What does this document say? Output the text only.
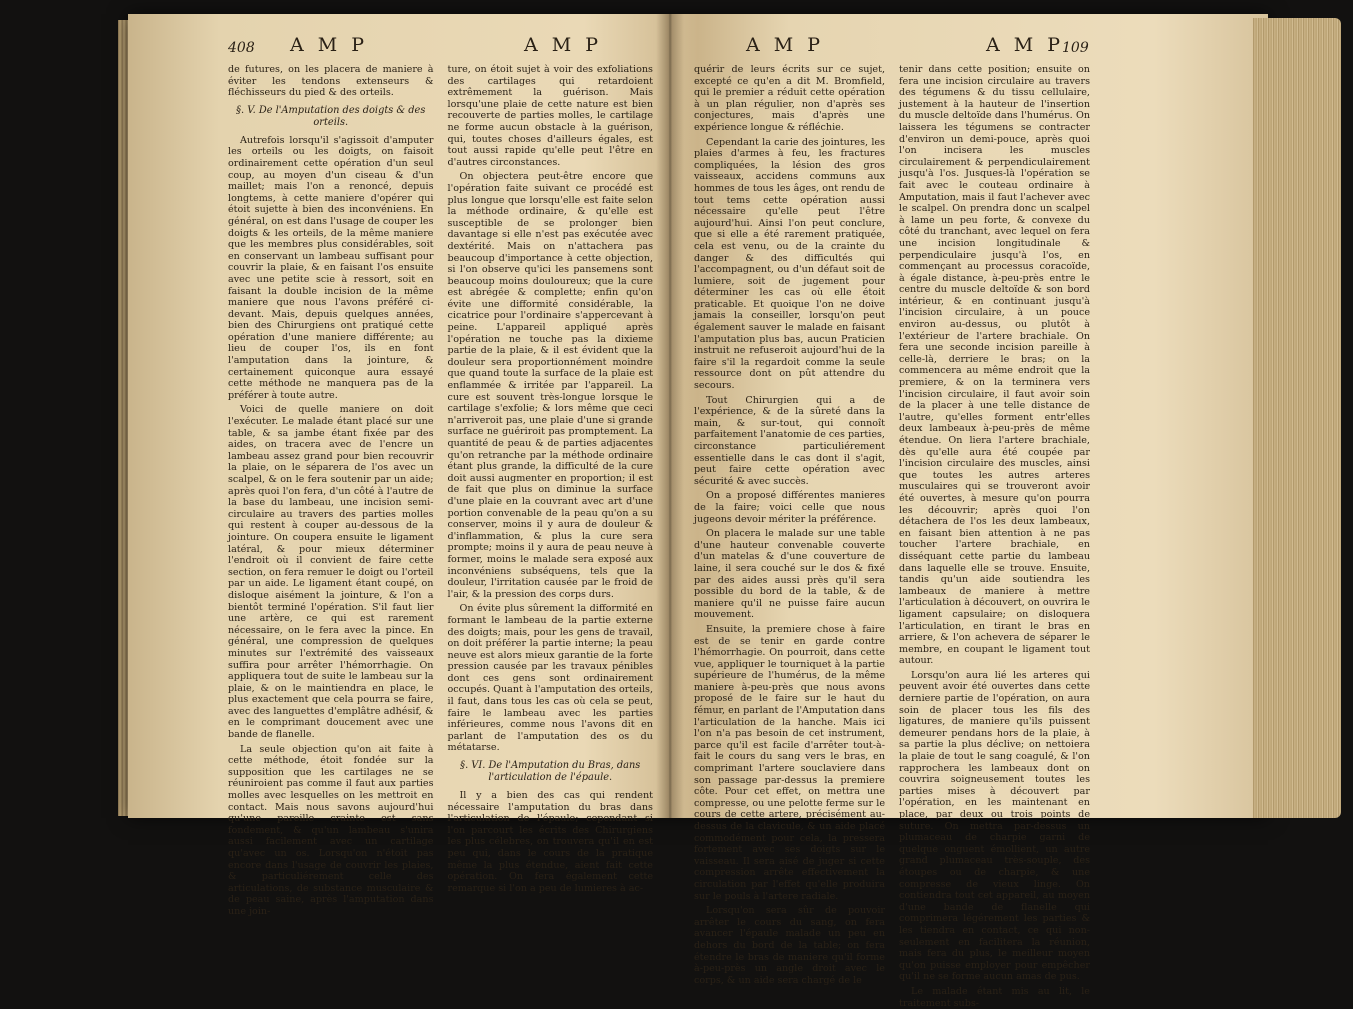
408 A M P	A M P

de futures, on les placera de maniere à éviter les tendons extenseurs & fléchisseurs du pied & des orteils.

§. V. De l'Amputation des doigts & des orteils.

Autrefois lorsqu'il s'agissoit d'amputer les orteils ou les doigts, on faisoit ordinairement cette opération d'un seul coup, au moyen d'un ciseau & d'un maillet; mais l'on a renoncé, depuis longtems, à cette maniere d'opérer qui étoit sujette à bien des inconvéniens. En général, on est dans l'usage de couper les doigts & les orteils, de la même maniere que les membres plus considérables, soit en conservant un lambeau suffisant pour couvrir la plaie, & en faisant l'os ensuite avec une petite scie à ressort, soit en faisant la double incision de la même maniere que nous l'avons préféré ci-devant. Mais, depuis quelques années, bien des Chirurgiens ont pratiqué cette opération d'une maniere différente; au lieu de couper l'os, ils en font l'amputation dans la jointure, & certainement quiconque aura essayé cette méthode ne manquera pas de la préférer à toute autre.

Voici de quelle maniere on doit l'exécuter. Le malade étant placé sur une table, & sa jambe étant fixée par des aides, on tracera avec de l'encre un lambeau assez grand pour bien recouvrir la plaie, on le séparera de l'os avec un scalpel, & on le fera soutenir par un aide; après quoi l'on fera, d'un côté à l'autre de la base du lambeau, une incision semi-circulaire au travers des parties molles qui restent à couper au-dessous de la jointure. On coupera ensuite le ligament latéral, & pour mieux déterminer l'endroit où il convient de faire cette section, on fera remuer le doigt ou l'orteil par un aide. Le ligament étant coupé, on disloque aisément la jointure, & l'on a bientôt terminé l'opération. S'il faut lier une artère, ce qui est rarement nécessaire, on le fera avec la pince. En général, une compression de quelques minutes sur l'extrémité des vaisseaux suffira pour arrêter l'hémorrhagie. On appliquera tout de suite le lambeau sur la plaie, & on le maintiendra en place, le plus exactement que cela pourra se faire, avec des languettes d'emplâtre adhésif, & en le comprimant doucement avec une bande de flanelle.

La seule objection qu'on ait faite à cette méthode, étoit fondée sur la supposition que les cartilages ne se réuniroient pas comme il faut aux parties molles avec lesquelles on les mettroit en contact. Mais nous savons aujourd'hui qu'une pareille crainte est sans fondement, & qu'un lambeau s'unira aussi facilement avec un cartilage qu'avec un os. Lorsqu'on n'étoit pas encore dans l'usage de couvrir les plaies, & particuliérement celle des articulations, de substance musculaire & de peau saine, après l'amputation dans une join-

ture, on étoit sujet à voir des exfoliations des cartilages qui retardoient extrêmement la guérison. Mais lorsqu'une plaie de cette nature est bien recouverte de parties molles, le cartilage ne forme aucun obstacle à la guérison, qui, toutes choses d'ailleurs égales, est tout aussi rapide qu'elle peut l'être en d'autres circonstances.

On objectera peut-être encore que l'opération faite suivant ce procédé est plus longue que lorsqu'elle est faite selon la méthode ordinaire, & qu'elle est susceptible de se prolonger bien davantage si elle n'est pas exécutée avec dextérité. Mais on n'attachera pas beaucoup d'importance à cette objection, si l'on observe qu'ici les pansemens sont beaucoup moins douloureux; que la cure est abrégée & complette; enfin qu'on évite une difformité considérable, la cicatrice pour l'ordinaire s'appercevant à peine. L'appareil appliqué après l'opération ne touche pas la dixieme partie de la plaie, & il est évident que la douleur sera proportionnément moindre que quand toute la surface de la plaie est enflammée & irritée par l'appareil. La cure est souvent très-longue lorsque le cartilage s'exfolie; & lors même que ceci n'arriveroit pas, une plaie d'une si grande surface ne guériroit pas promptement. La quantité de peau & de parties adjacentes qu'on retranche par la méthode ordinaire étant plus grande, la difficulté de la cure doit aussi augmenter en proportion; il est de fait que plus on diminue la surface d'une plaie en la couvrant avec art d'une portion convenable de la peau qu'on a su conserver, moins il y aura de douleur & d'inflammation, & plus la cure sera prompte; moins il y aura de peau neuve à former, moins le malade sera exposé aux inconvéniens subséquens, tels que la douleur, l'irritation causée par le froid de l'air, & la pression des corps durs.

On évite plus sûrement la difformité en formant le lambeau de la partie externe des doigts; mais, pour les gens de travail, on doit préférer la partie interne; la peau neuve est alors mieux garantie de la forte pression causée par les travaux pénibles dont ces gens sont ordinairement occupés. Quant à l'amputation des orteils, il faut, dans tous les cas où cela se peut, faire le lambeau avec les parties inférieures, comme nous l'avons dit en parlant de l'amputation des os du métatarse.

§. VI. De l'Amputation du Bras, dans l'articulation de l'épaule.

Il y a bien des cas qui rendent nécessaire l'amputation du bras dans l'articulation de l'épaule; cependant si l'on parcourt les écrits des Chirurgiens les plus célebres, on trouvera qu'il en est peu qui, dans le cours de la pratique même la plus étendue, aient fait cette opération. On fera également cette remarque si l'on a peu de lumieres à ac-

A M P	A M P
109

quérir de leurs écrits sur ce sujet, excepté ce qu'en a dit M. Bromfield, qui le premier a réduit cette opération à un plan régulier, non d'après ses conjectures, mais d'après une expérience longue & réfléchie.

Cependant la carie des jointures, les plaies d'armes à feu, les fractures compliquées, la lésion des gros vaisseaux, accidens communs aux hommes de tous les âges, ont rendu de tout tems cette opération aussi nécessaire qu'elle peut l'être aujourd'hui. Ainsi l'on peut conclure, que si elle a été rarement pratiquée, cela est venu, ou de la crainte du danger & des difficultés qui l'accompagnent, ou d'un défaut soit de lumiere, soit de jugement pour déterminer les cas où elle étoit praticable. Et quoique l'on ne doive jamais la conseiller, lorsqu'on peut également sauver le malade en faisant l'amputation plus bas, aucun Praticien instruit ne refuseroit aujourd'hui de la faire s'il la regardoit comme la seule ressource dont on pût attendre du secours.

Tout Chirurgien qui a de l'expérience, & de la sûreté dans la main, & sur-tout, qui connoît parfaitement l'anatomie de ces parties, circonstance particuliérement essentielle dans le cas dont il s'agit, peut faire cette opération avec sécurité & avec succès.

On a proposé différentes manieres de la faire; voici celle que nous jugeons devoir mériter la préférence.

On placera le malade sur une table d'une hauteur convenable couverte d'un matelas & d'une couverture de laine, il sera couché sur le dos & fixé par des aides aussi près qu'il sera possible du bord de la table, & de maniere qu'il ne puisse faire aucun mouvement.

Ensuite, la premiere chose à faire est de se tenir en garde contre l'hémorrhagie. On pourroit, dans cette vue, appliquer le tourniquet à la partie supérieure de l'humérus, de la même maniere à-peu-près que nous avons proposé de le faire sur le haut du fémur, en parlant de l'Amputation dans l'articulation de la hanche. Mais ici l'on n'a pas besoin de cet instrument, parce qu'il est facile d'arrêter tout-à-fait le cours du sang vers le bras, en comprimant l'artere souclaviere dans son passage par-dessus la premiere côte. Pour cet effet, on mettra une compresse, ou une pelotte ferme sur le cours de cette artere, précisément au-dessus de la clavicule, & un aide placé commodément pour cela, la pressera fortement avec ses doigts sur le vaisseau. Il sera aisé de juger si cette compression arrête effectivement la circulation par l'effet qu'elle produira sur le pouls à l'artere radiale.

Lorsqu'on sera sûr de pouvoir arrêter le cours du sang, on fera avancer l'épaule malade un peu en dehors du bord de la table; on fera étendre le bras de maniere qu'il forme à-peu-près un angle droit avec le corps, & un aide sera chargé de le

tenir dans cette position; ensuite on fera une incision circulaire au travers des tégumens & du tissu cellulaire, justement à la hauteur de l'insertion du muscle deltoïde dans l'humérus. On laissera les tégumens se contracter d'environ un demi-pouce, après quoi l'on incisera les muscles circulairement & perpendiculairement jusqu'à l'os. Jusques-là l'opération se fait avec le couteau ordinaire à Amputation, mais il faut l'achever avec le scalpel. On prendra donc un scalpel à lame un peu forte, & convexe du côté du tranchant, avec lequel on fera une incision longitudinale & perpendiculaire jusqu'à l'os, en commençant au processus coracoïde, à égale distance, à-peu-près entre le centre du muscle deltoïde & son bord intérieur, & en continuant jusqu'à l'incision circulaire, à un pouce environ au-dessus, ou plutôt à l'extérieur de l'artere brachiale. On fera une seconde incision pareille à celle-là, derriere le bras; on la commencera au même endroit que la premiere, & on la terminera vers l'incision circulaire, il faut avoir soin de la placer à une telle distance de l'autre, qu'elles forment entr'elles deux lambeaux à-peu-près de même étendue. On liera l'artere brachiale, dès qu'elle aura été coupée par l'incision circulaire des muscles, ainsi que toutes les autres arteres musculaires qui se trouveront avoir été ouvertes, à mesure qu'on pourra les découvrir; après quoi l'on détachera de l'os les deux lambeaux, en faisant bien attention à ne pas toucher l'artere brachiale, en disséquant cette partie du lambeau dans laquelle elle se trouve. Ensuite, tandis qu'un aide soutiendra les lambeaux de maniere à mettre l'articulation à découvert, on ouvrira le ligament capsulaire; on disloquera l'articulation, en tirant le bras en arriere, & l'on achevera de séparer le membre, en coupant le ligament tout autour.

Lorsqu'on aura lié les arteres qui peuvent avoir été ouvertes dans cette derniere partie de l'opération, on aura soin de placer tous les fils des ligatures, de maniere qu'ils puissent demeurer pendans hors de la plaie, à sa partie la plus déclive; on nettoiera la plaie de tout le sang coagulé, & l'on rapprochera les lambeaux dont on couvrira soigneusement toutes les parties mises à découvert par l'opération, en les maintenant en place, par deux ou trois points de suture. On mettra par-dessus un plumaceau de charpie garni de quelque onguent émollient, un autre grand plumaceau très-souple, des étoupes ou de charpie, & une compresse de vieux linge. On contiendra tout cet appareil, au moyen d'une bande de flanelle qui comprimera légérement les parties & les tiendra en contact, ce qui non-seulement en facilitera la réunion, mais fera du plus, le meilleur moyen qu'on puisse employer pour empêcher qu'il ne se forme aucun amas de pus.

Le malade étant mis au lit, le traitement subs-
